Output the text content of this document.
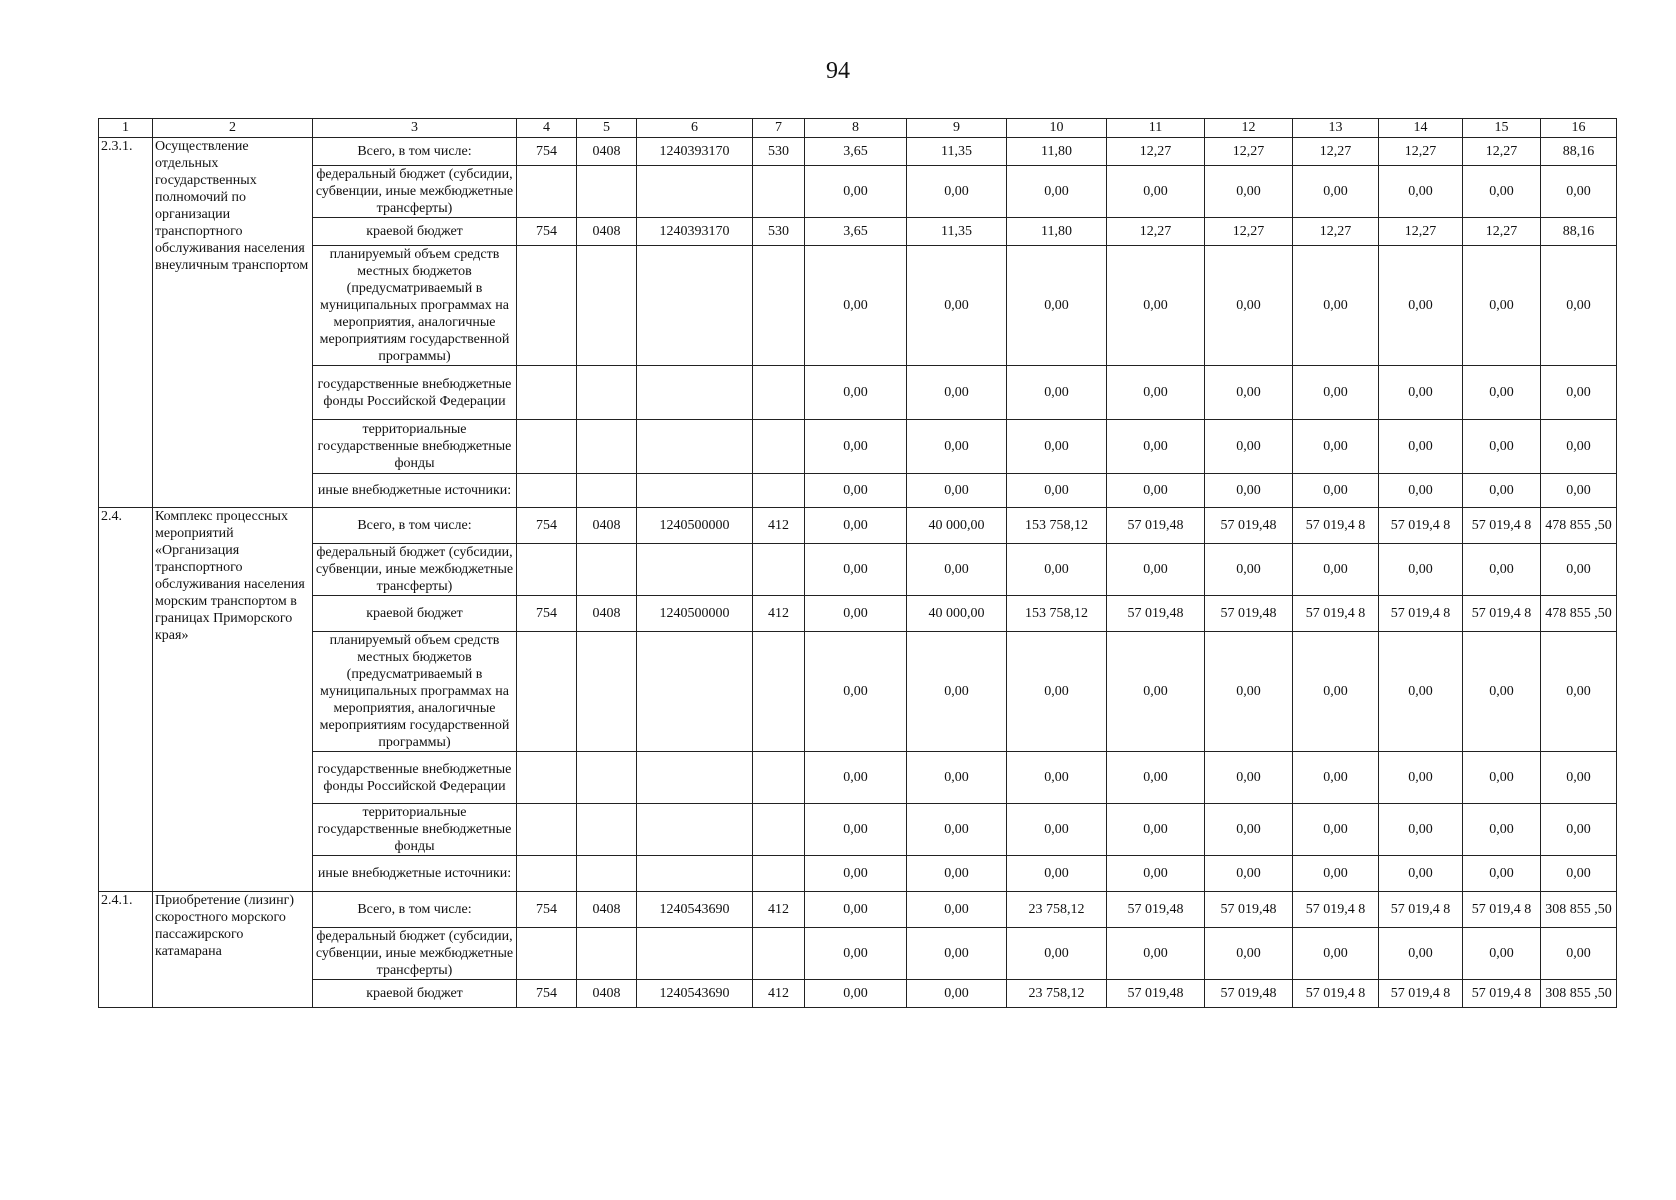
94
1	2	3	4	5	6	7	8	9	10	11	12	13	14	15	16
2.3.1.	Осуществление отдельных государственных полномочий по организации транспортного обслуживания населения внеуличным транспортом	Всего, в том числе:	754	0408	1240393170	530	3,65	11,35	11,80	12,27	12,27	12,27	12,27	12,27	88,16
		федеральный бюджет (субсидии, субвенции, иные межбюджетные трансферты)					0,00	0,00	0,00	0,00	0,00	0,00	0,00	0,00	0,00
		краевой бюджет	754	0408	1240393170	530	3,65	11,35	11,80	12,27	12,27	12,27	12,27	12,27	88,16
		планируемый объем средств местных бюджетов (предусматриваемый в муниципальных программах на мероприятия, аналогичные мероприятиям государственной программы)					0,00	0,00	0,00	0,00	0,00	0,00	0,00	0,00	0,00
		государственные внебюджетные фонды Российской Федерации					0,00	0,00	0,00	0,00	0,00	0,00	0,00	0,00	0,00
		территориальные государственные внебюджетные фонды					0,00	0,00	0,00	0,00	0,00	0,00	0,00	0,00	0,00
		иные внебюджетные источники:					0,00	0,00	0,00	0,00	0,00	0,00	0,00	0,00	0,00
2.4.	Комплекс процессных мероприятий «Организация транспортного обслуживания населения морским транспортом в границах Приморского края»	Всего, в том числе:	754	0408	1240500000	412	0,00	40 000,00	153 758,12	57 019,48	57 019,48	57 019,4 8	57 019,4 8	57 019,4 8	478 855 ,50
		федеральный бюджет (субсидии, субвенции, иные межбюджетные трансферты)					0,00	0,00	0,00	0,00	0,00	0,00	0,00	0,00	0,00
		краевой бюджет	754	0408	1240500000	412	0,00	40 000,00	153 758,12	57 019,48	57 019,48	57 019,4 8	57 019,4 8	57 019,4 8	478 855 ,50
		планируемый объем средств местных бюджетов (предусматриваемый в муниципальных программах на мероприятия, аналогичные мероприятиям государственной программы)					0,00	0,00	0,00	0,00	0,00	0,00	0,00	0,00	0,00
		государственные внебюджетные фонды Российской Федерации					0,00	0,00	0,00	0,00	0,00	0,00	0,00	0,00	0,00
		территориальные государственные внебюджетные фонды					0,00	0,00	0,00	0,00	0,00	0,00	0,00	0,00	0,00
		иные внебюджетные источники:					0,00	0,00	0,00	0,00	0,00	0,00	0,00	0,00	0,00
2.4.1.	Приобретение (лизинг) скоростного морского пассажирского катамарана	Всего, в том числе:	754	0408	1240543690	412	0,00	0,00	23 758,12	57 019,48	57 019,48	57 019,4 8	57 019,4 8	57 019,4 8	308 855 ,50
		федеральный бюджет (субсидии, субвенции, иные межбюджетные трансферты)					0,00	0,00	0,00	0,00	0,00	0,00	0,00	0,00	0,00
		краевой бюджет	754	0408	1240543690	412	0,00	0,00	23 758,12	57 019,48	57 019,48	57 019,4 8	57 019,4 8	57 019,4 8	308 855 ,50
